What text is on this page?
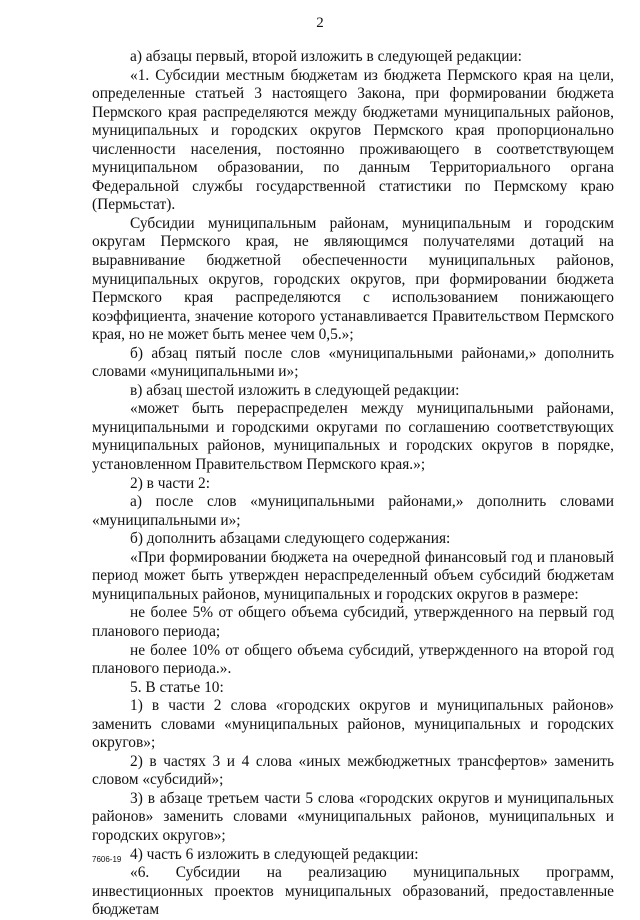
2

а) абзацы первый, второй изложить в следующей редакции:

«1. Субсидии местным бюджетам из бюджета Пермского края на цели, определенные статьей 3 настоящего Закона, при формировании бюджета Пермского края распределяются между бюджетами муниципальных районов, муниципальных и городских округов Пермского края пропорционально численности населения, постоянно проживающего в соответствующем муниципальном образовании, по данным Территориального органа Федеральной службы государственной статистики по Пермскому краю (Пермьстат).

Субсидии муниципальным районам, муниципальным и городским округам Пермского края, не являющимся получателями дотаций на выравнивание бюджетной обеспеченности муниципальных районов, муниципальных округов, городских округов, при формировании бюджета Пермского края распределяются с использованием понижающего коэффициента, значение которого устанавливается Правительством Пермского края, но не может быть менее чем 0,5.»;

б) абзац пятый после слов «муниципальными районами,» дополнить словами «муниципальными и»;

в) абзац шестой изложить в следующей редакции:

«может быть перераспределен между муниципальными районами, муниципальными и городскими округами по соглашению соответствующих муниципальных районов, муниципальных и городских округов в порядке, установленном Правительством Пермского края.»;

2) в части 2:

а) после слов «муниципальными районами,» дополнить словами «муниципальными и»;

б) дополнить абзацами следующего содержания:

«При формировании бюджета на очередной финансовый год и плановый период может быть утвержден нераспределенный объем субсидий бюджетам муниципальных районов, муниципальных и городских округов в размере:

не более 5% от общего объема субсидий, утвержденного на первый год планового периода;

не более 10% от общего объема субсидий, утвержденного на второй год планового периода.».

5. В статье 10:

1) в части 2 слова «городских округов и муниципальных районов» заменить словами «муниципальных районов, муниципальных и городских округов»;

2) в частях 3 и 4 слова «иных межбюджетных трансфертов» заменить словом «субсидий»;

3) в абзаце третьем части 5 слова «городских округов и муниципальных районов» заменить словами «муниципальных районов, муниципальных и городских округов»;

4) часть 6 изложить в следующей редакции:

«6. Субсидии на реализацию муниципальных программ, инвестиционных проектов муниципальных образований, предоставленные бюджетам

7606-19
